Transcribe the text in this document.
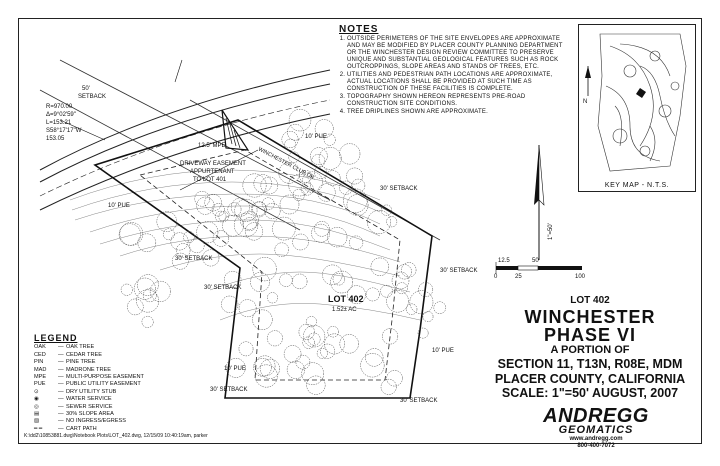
R=970.00
Δ=9°02'59"
L=153.21
S58°17'17"W
153.05
50'
SETBACK
12.5' MPE
DRIVEWAY EASEMENT
APPURTENANT
TO LOT 401
10' PUE
10' PUE
10' PUE
10' PUE
30' SETBACK
30' SETBACK
30' SETBACK
30' SETBACK
30' SETBACK
30' SETBACK
WINCHESTER CLUB DR.
LOT 402
1.52± AC
1"=50'
12.5	50
0	25	100
NOTES
1. OUTSIDE PERIMETERS OF THE SITE ENVELOPES ARE APPROXIMATE AND MAY BE MODIFIED BY PLACER COUNTY PLANNING DEPARTMENT OR THE WINCHESTER DESIGN REVIEW COMMITTEE TO PRESERVE UNIQUE AND SUBSTANTIAL GEOLOGICAL FEATURES SUCH AS ROCK OUTCROPPINGS, SLOPE AREAS AND STANDS OF TREES, ETC.
2. UTILITIES AND PEDESTRIAN PATH LOCATIONS ARE APPROXIMATE, ACTUAL LOCATIONS SHALL BE PROVIDED AT SUCH TIME AS CONSTRUCTION OF THESE FACILITIES IS COMPLETE.
3. TOPOGRAPHY SHOWN HEREON REPRESENTS PRE-ROAD CONSTRUCTION SITE CONDITIONS.
4. TREE DRIPLINES SHOWN ARE APPROXIMATE.
N
KEY MAP - N.T.S.
LOT 402
WINCHESTER
PHASE VI
A PORTION OF
SECTION 11, T13N, R08E, MDM
PLACER COUNTY, CALIFORNIA
SCALE: 1"=50' AUGUST, 2007
ANDREGG
GEOMATICS
www.andregg.com
800-400-7072
LEGEND
OAK	— OAK TREE
CED	— CEDAR TREE
PIN	— PINE TREE
MAD	— MADRONE TREE
MPE	— MULTI-PURPOSE EASEMENT
PUE	— PUBLIC UTILITY EASEMENT
⊙	— DRY UTILITY STUB
◉	— WATER SERVICE
◎	— SEWER SERVICE
▤	— 30% SLOPE AREA
▨	— NO INGRESS/EGRESS
━ ━	— CART PATH
K:\dd2\10853881.dwg\Notebook Plots\LOT_402.dwg, 12/15/09 10:40:19am, parker
